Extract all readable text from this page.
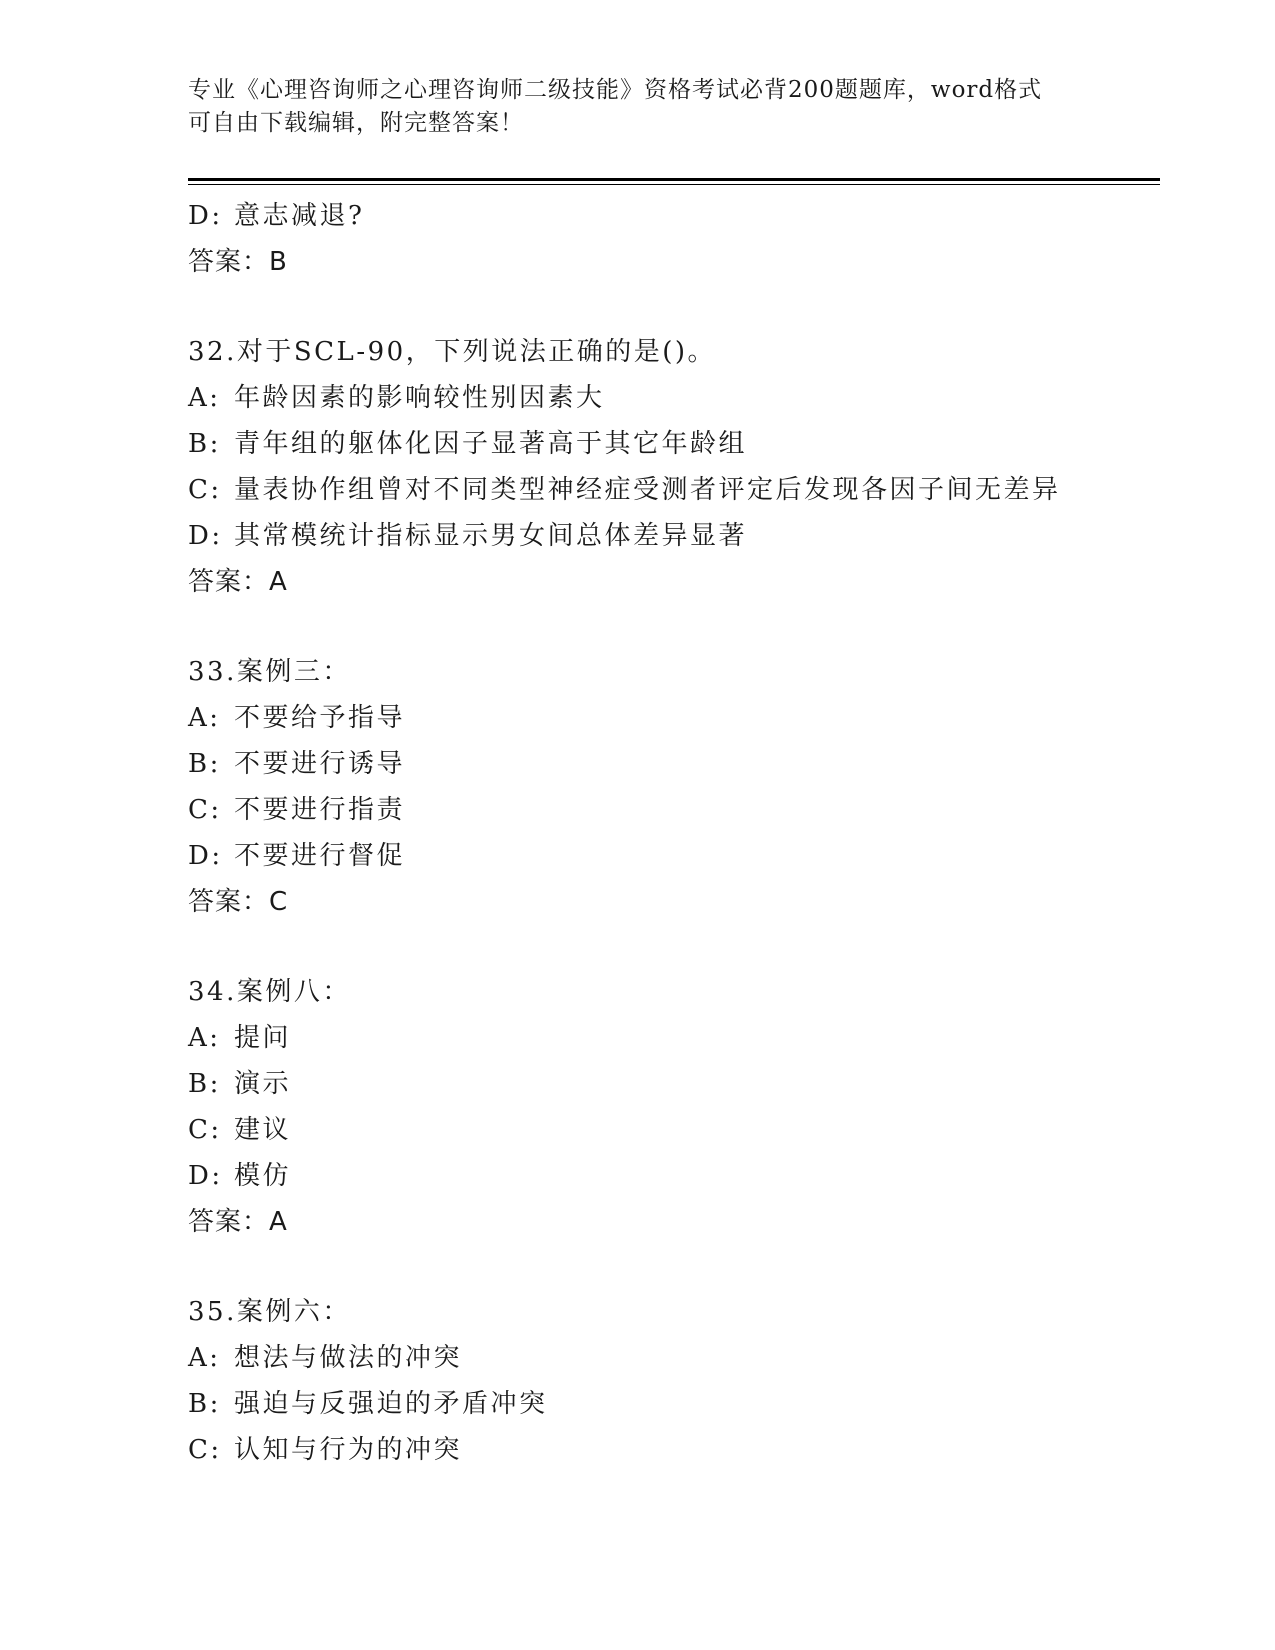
专业《心理咨询师之心理咨询师二级技能》资格考试必背200题题库，word格式
可自由下载编辑，附完整答案！
D: 意志减退?
答案：B
32.对于SCL-90，下列说法正确的是()。
A: 年龄因素的影响较性别因素大
B: 青年组的躯体化因子显著高于其它年龄组
C: 量表协作组曾对不同类型神经症受测者评定后发现各因子间无差异
D: 其常模统计指标显示男女间总体差异显著
答案：A
33.案例三：
A: 不要给予指导
B: 不要进行诱导
C: 不要进行指责
D: 不要进行督促
答案：C
34.案例八：
A: 提问
B: 演示
C: 建议
D: 模仿
答案：A
35.案例六：
A: 想法与做法的冲突
B: 强迫与反强迫的矛盾冲突
C: 认知与行为的冲突
